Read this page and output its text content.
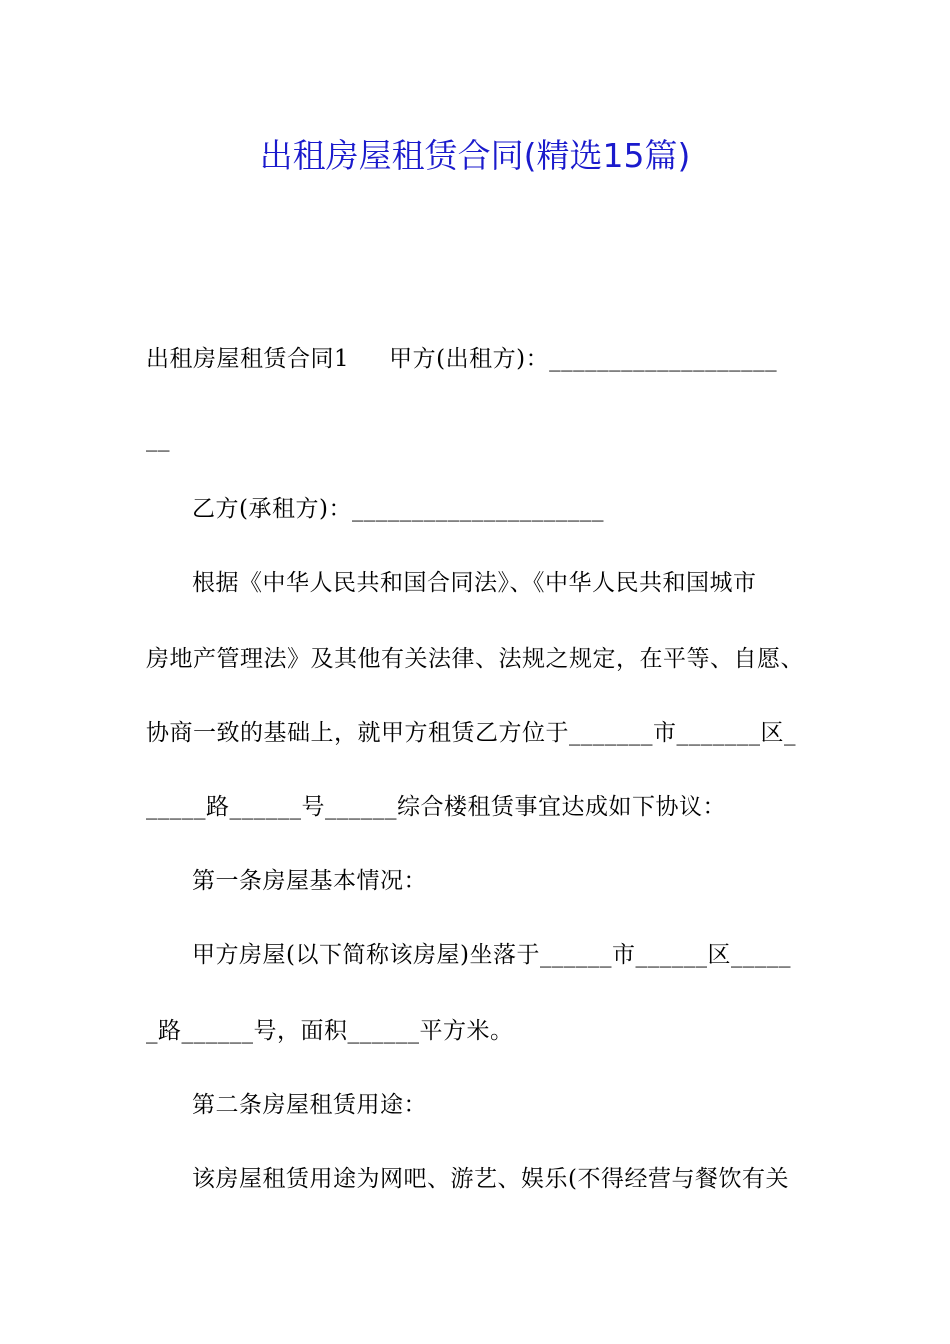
出租房屋租赁合同(精选15篇)
出租房屋租赁合同1 甲方(出租方)：___________________
__
乙方(承租方)：_____________________
根据《中华人民共和国合同法》、《中华人民共和国城市
房地产管理法》及其他有关法律、法规之规定，在平等、自愿、
协商一致的基础上，就甲方租赁乙方位于_______市_______区_
_____路______号______综合楼租赁事宜达成如下协议：
第一条房屋基本情况：
甲方房屋(以下简称该房屋)坐落于______市______区_____
_路______号，面积______平方米。
第二条房屋租赁用途：
该房屋租赁用途为网吧、游艺、娱乐(不得经营与餐饮有关
